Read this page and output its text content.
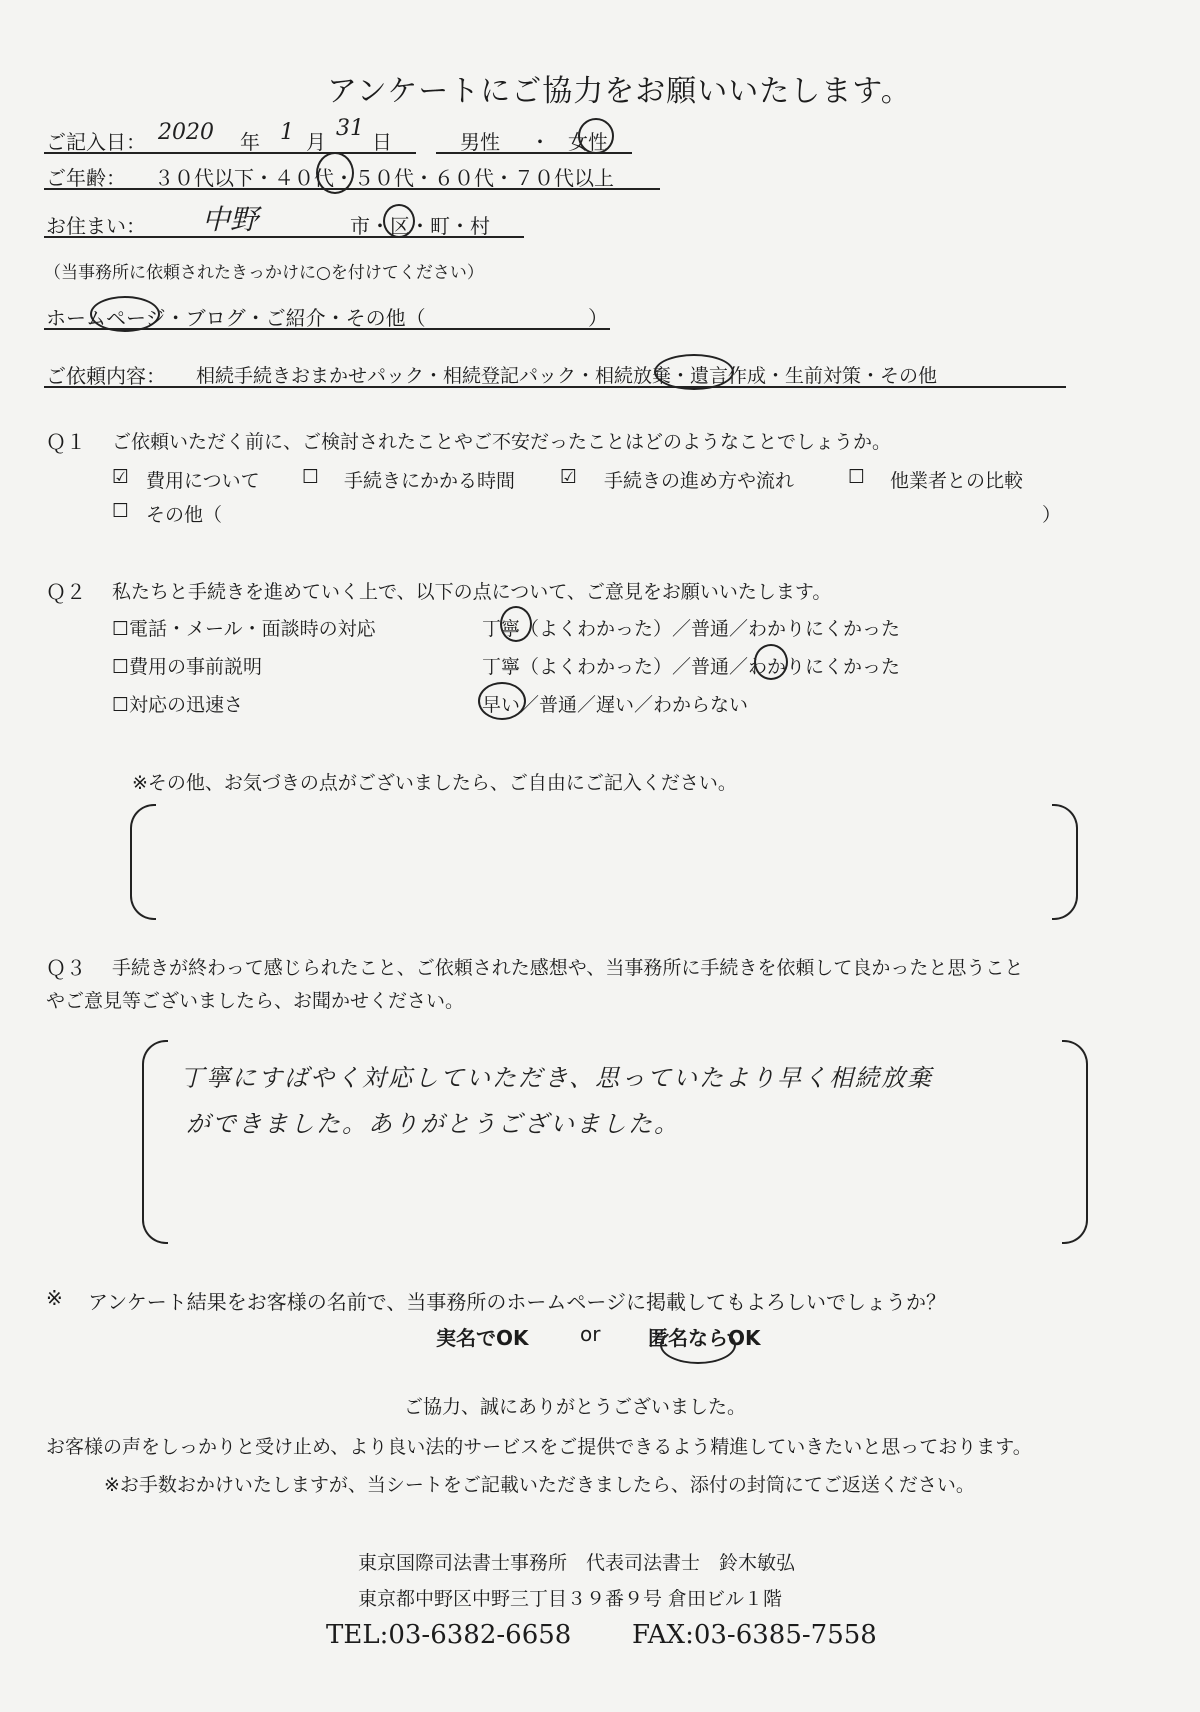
アンケートにご協力をお願いいたします。
ご記入日： 2020 年 1 月
31
日	男性 ・ 女性
ご年齢： ３０代以下・４０代・５０代・６０代・７０代以上
お住まい： 中野	市・区・町・村
（当事務所に依頼されたきっかけに○を付けてください）
ホームページ・ブログ・ご紹介・その他（	）
ご依頼内容： 相続手続きおまかせパック・相続登記パック・相続放棄・遺言作成・生前対策・その他
Ｑ１ ご依頼いただく前に、ご検討されたことやご不安だったことはどのようなことでしょうか。
☑ 費用について ☐ 手続きにかかる時間 ☑ 手続きの進め方や流れ	☐ 他業者との比較
☐ その他（	）
Ｑ２ 私たちと手続きを進めていく上で、以下の点について、ご意見をお願いいたします。
☐電話・メール・面談時の対応	丁寧（よくわかった）／普通／わかりにくかった
☐費用の事前説明	丁寧（よくわかった）／普通／わかりにくかった
☐対応の迅速さ	早い／普通／遅い／わからない
※その他、お気づきの点がございましたら、ご自由にご記入ください。
Ｑ３ 手続きが終わって感じられたこと、ご依頼された感想や、当事務所に手続きを依頼して良かったと思うこと
やご意見等ございましたら、お聞かせください。
丁寧にすばやく対応していただき、思っていたより早く相続放棄
ができました。ありがとうございました。
※ アンケート結果をお客様の名前で、当事務所のホームページに掲載してもよろしいでしょうか？
実名でOK	or 匿名ならOK
ご協力、誠にありがとうございました。
お客様の声をしっかりと受け止め、より良い法的サービスをご提供できるよう精進していきたいと思っております。
※お手数おかけいたしますが、当シートをご記載いただきましたら、添付の封筒にてご返送ください。
東京国際司法書士事務所　代表司法書士　鈴木敏弘
東京都中野区中野三丁目３９番９号 倉田ビル１階
TEL:03-6382-6658 FAX:03-6385-7558
